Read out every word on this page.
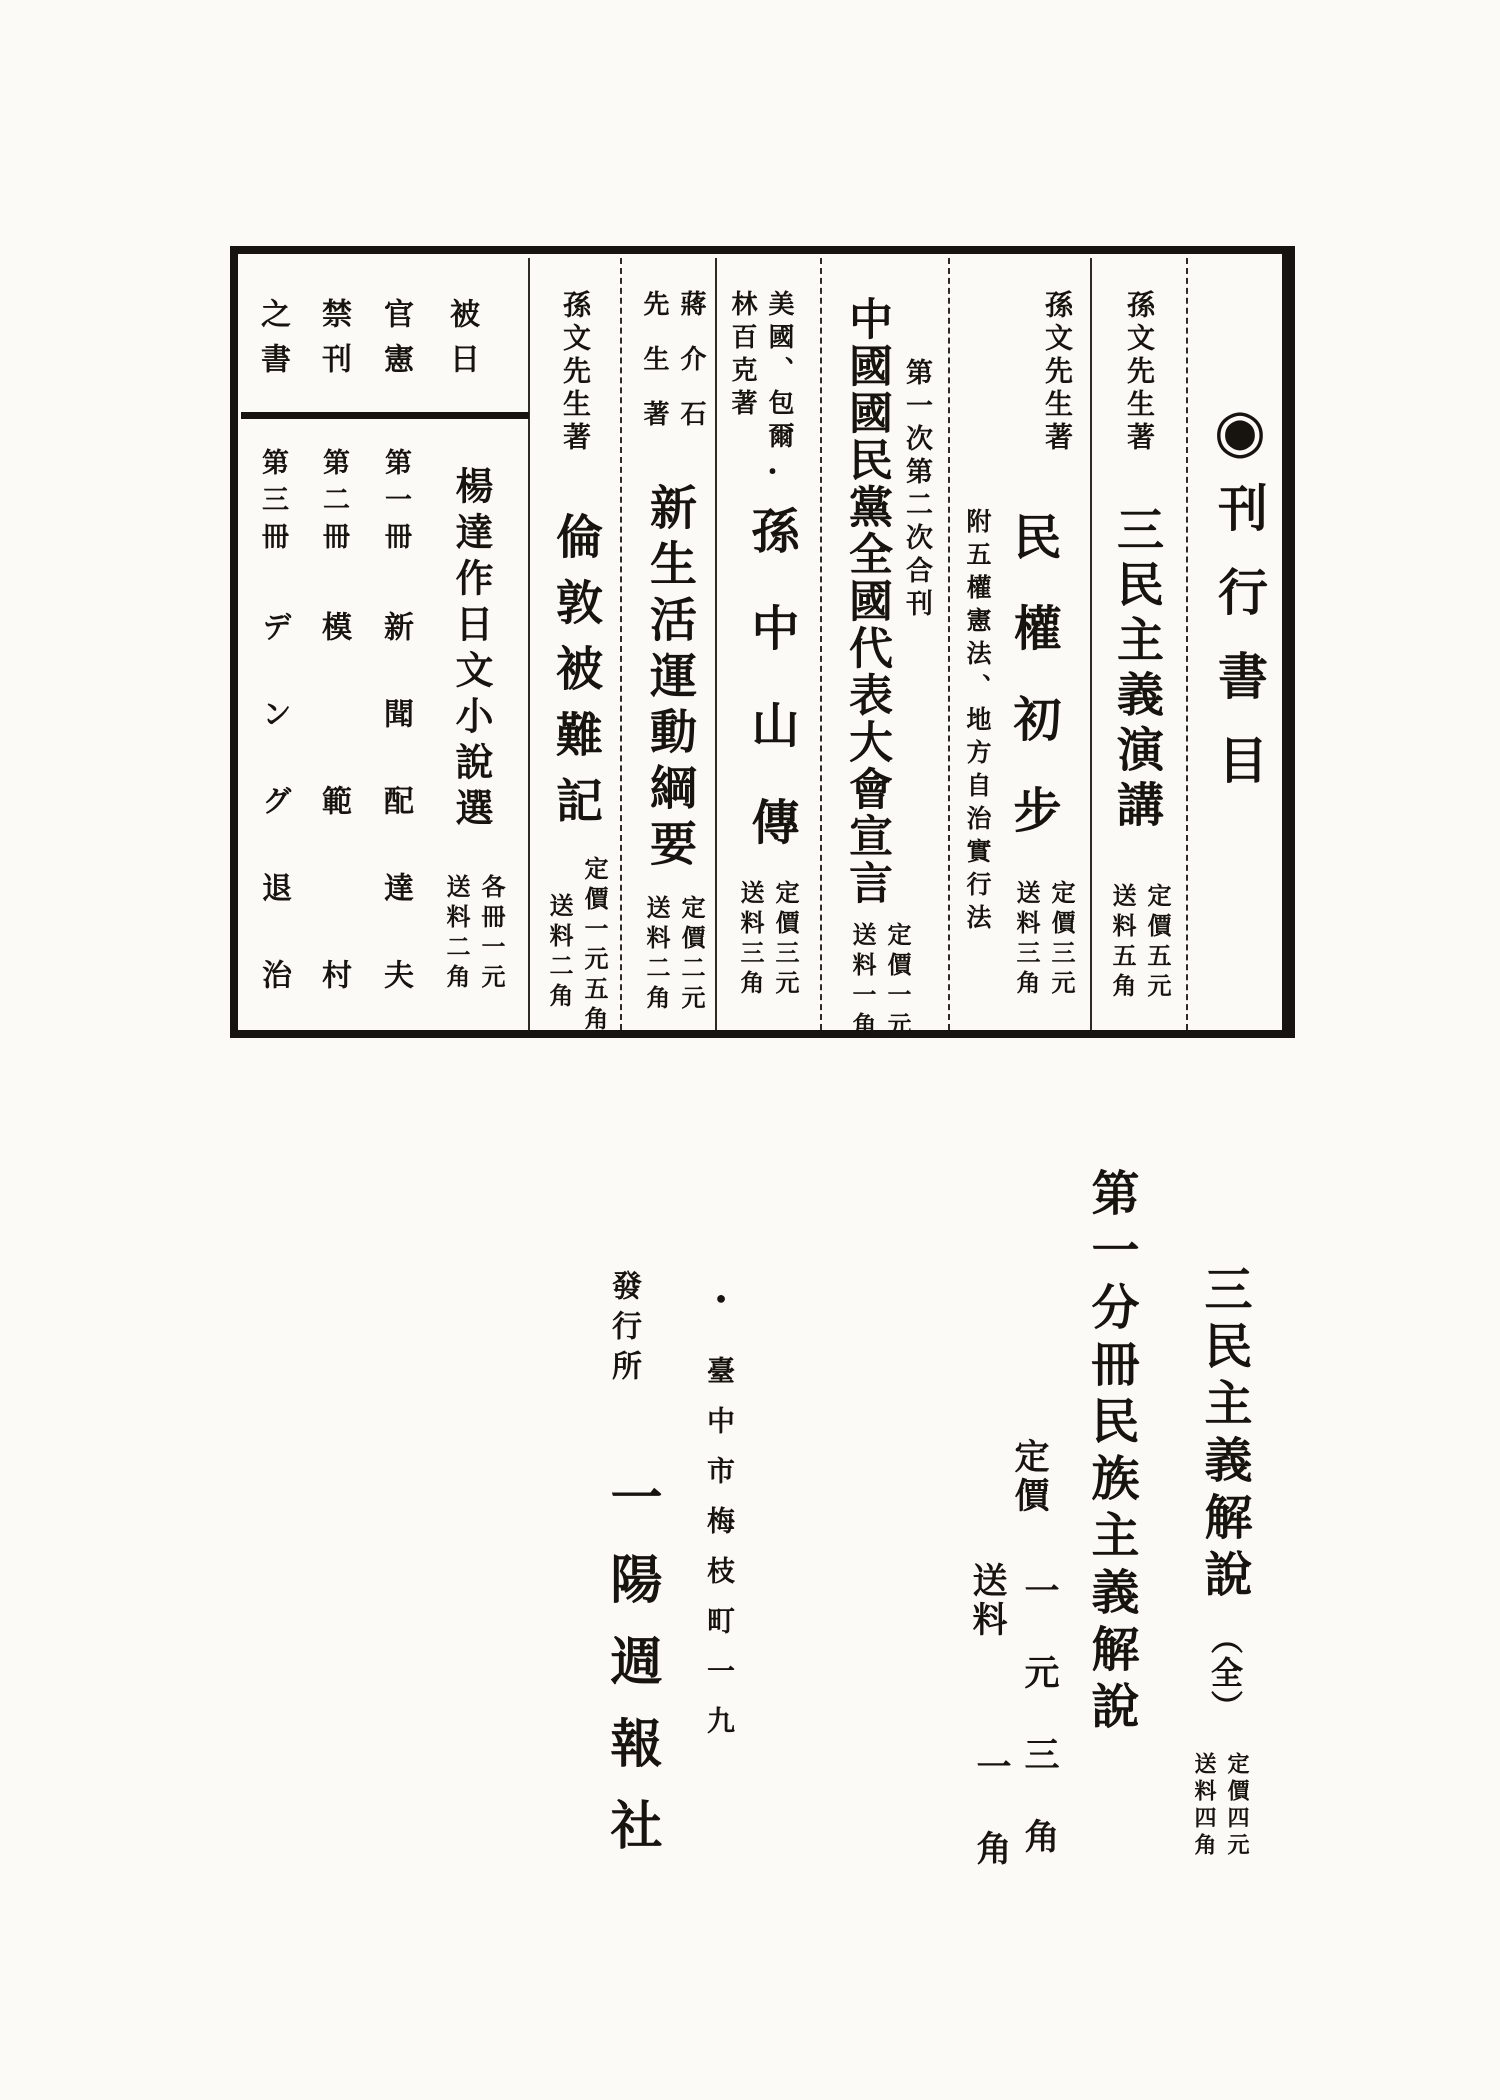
◉
刊行書目
孫文先生著
三民主義演講
定價五元
送料五角
孫文先生著
民權初步
附五權憲法、地方自治實行法
定價三元
送料三角
第一次第二次合刊
中國國民黨全國代表大會宣言
定價一元
送料一角
美國、包爾
林百克著
・
孫中山傳
定價三元
送料三角
蔣介石
先生著
新生活運動綱要
定價二元
送料二角
孫文先生著
倫敦被難記
定價一元五角
送料二角
被日
官憲
禁刊
之書
楊達作日文小說選
各冊一元
送料二角
第一冊
新聞配達夫
第二冊
模範村
第三冊
デング退治
三民主義解說
︵全︶
定價四元
送料四角
第一分冊民族主義解說
定價
一元三角
送料
一角
發行所
一陽週報社
●
臺中市梅枝町一九
